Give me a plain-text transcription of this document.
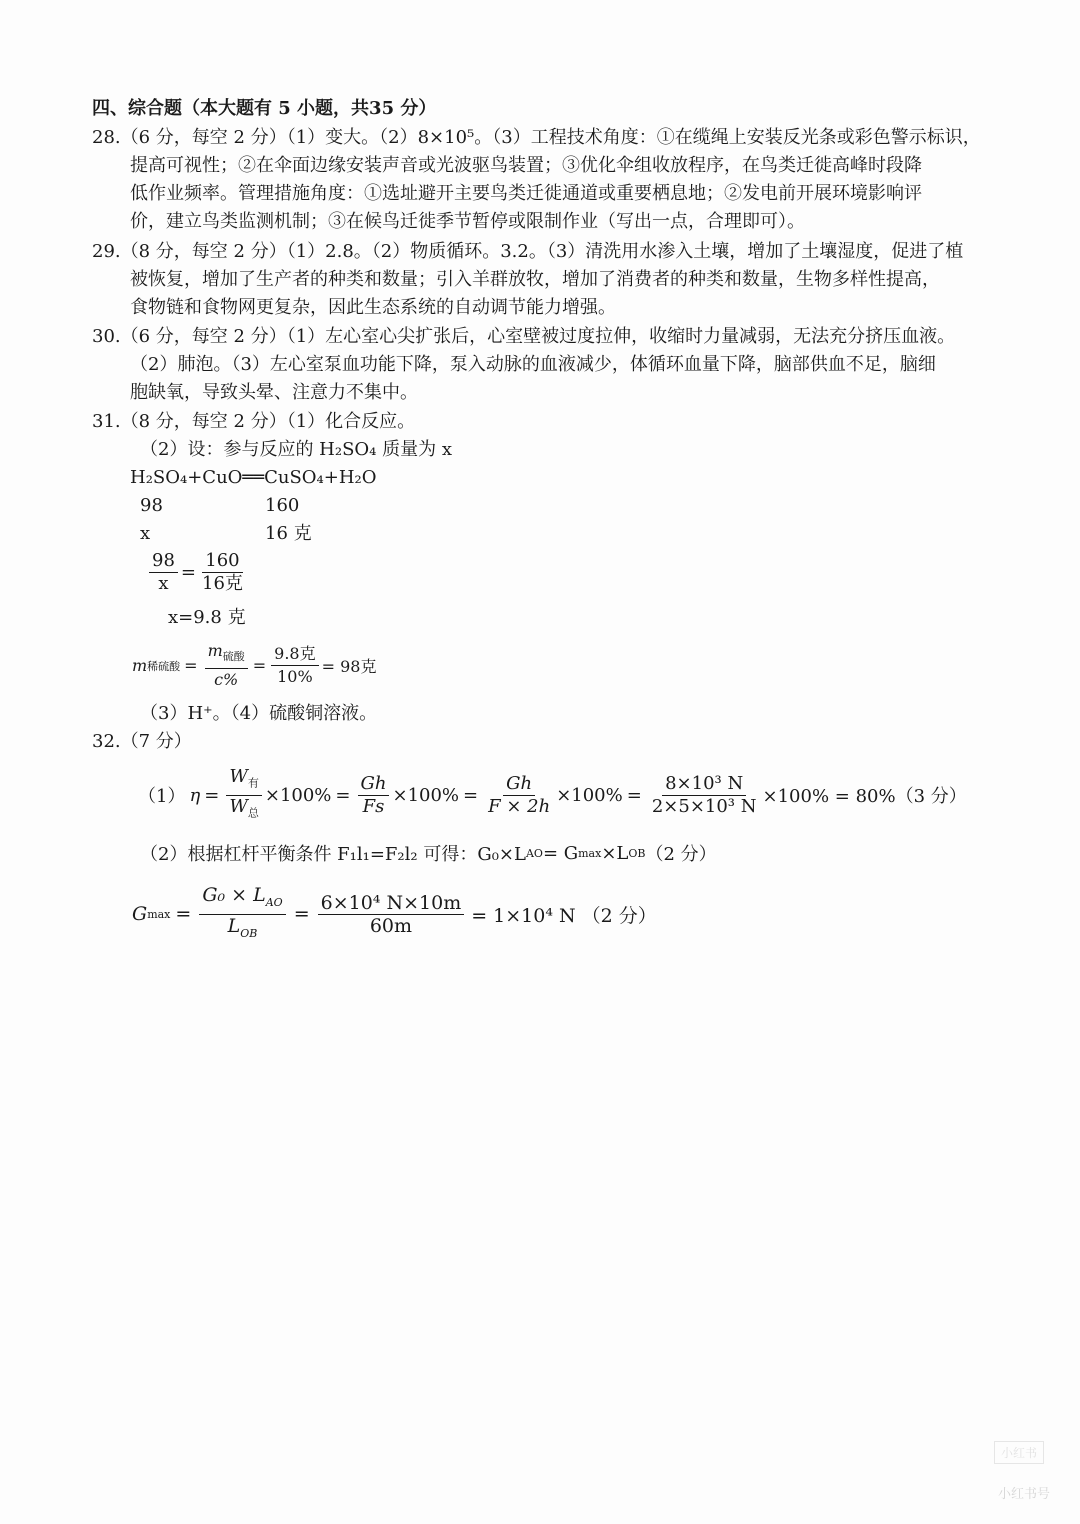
四、综合题（本大题有 5 小题，共35 分）
28.（6 分，每空 2 分）（1）变大。（2）8×10⁵。（3）工程技术角度：①在缆绳上安装反光条或彩色警示标识，
提高可视性；②在伞面边缘安装声音或光波驱鸟装置；③优化伞组收放程序，在鸟类迁徙高峰时段降
低作业频率。管理措施角度：①选址避开主要鸟类迁徙通道或重要栖息地；②发电前开展环境影响评
价，建立鸟类监测机制；③在候鸟迁徙季节暂停或限制作业（写出一点，合理即可）。
29.（8 分，每空 2 分）（1）2.8。（2）物质循环。3.2。（3）清洗用水渗入土壤，增加了土壤湿度，促进了植
被恢复，增加了生产者的种类和数量；引入羊群放牧，增加了消费者的种类和数量，生物多样性提高，
食物链和食物网更复杂，因此生态系统的自动调节能力增强。
30.（6 分，每空 2 分）（1）左心室心尖扩张后，心室壁被过度拉伸，收缩时力量减弱，无法充分挤压血液。
（2）肺泡。（3）左心室泵血功能下降，泵入动脉的血液减少，体循环血量下降，脑部供血不足，脑细
胞缺氧，导致头晕、注意力不集中。
31.（8 分，每空 2 分）（1）化合反应。
（2）设：参与反应的 H₂SO₄ 质量为 x
H₂SO₄+CuO══CuSO₄+H₂O
98	160
x	16 克
$\frac{98}{x} = \frac{160}{\text{16克}}$
x=9.8 克
m 稀硫酸 = $\frac{m_{硫酸}}{c\%} = \frac{\text{9.8克}}{10\%} = 98$克
（3）H⁺。（4）硫酸铜溶液。
32.（7 分）
（1） $\eta = \frac{W_有}{W_总} \times 100\% = \frac{Gh}{Fs} \times 100\% = \frac{Gh}{F \times 2h} \times 100\% = \frac{\text{8×10³ N}}{\text{2×5×10³ N}} \times 100\% = 80\%(3$ 分）
（2）根据杠杆平衡条件 F₁l₁=F₂l₂ 可得：G₀×L AO = G max ×L OB （2 分）
G $\max = \frac{G_0 \times L_{AO}}{L_{OB}} = \frac{\text{6×10⁴ N×10m}}{60m} = 1\times 10^4$ N （2 分）
小红书
小红书号
